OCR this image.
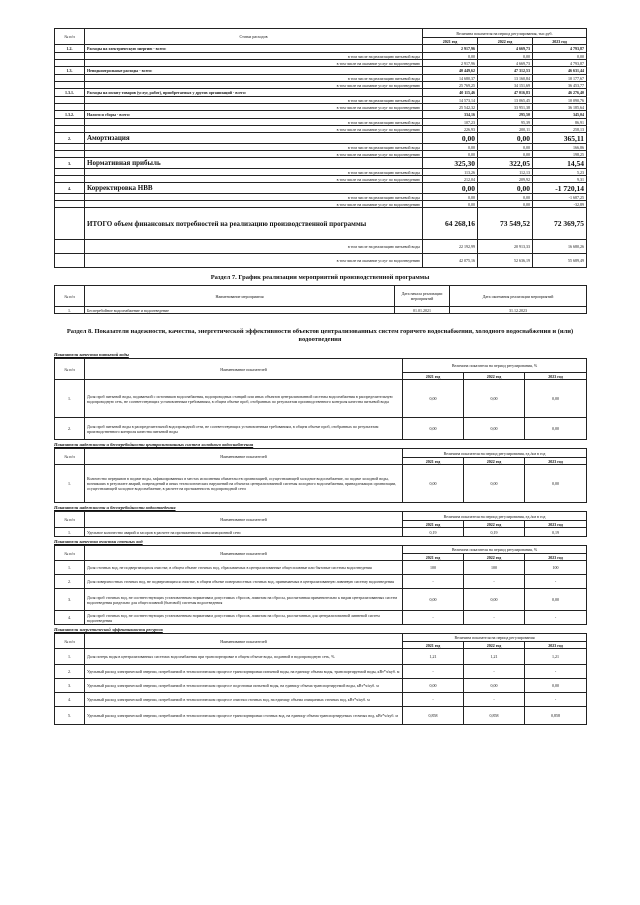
№ п/п	Статьи расходов	Величина показателя на период регулирования, тыс.руб.		
		2021 год	2022 год	2023 год
1.2.	Расходы на электрическую энергию - всего:	2 917,96	4 669,73	4 793,87
	в том числе на реализацию питьевой воды	0,00	0,00	0,00
	в том числе на оказание услуг по водоотведению	2 917,96	4 669,73	4 793,87
1.3.	Неподконтрольные расходы - всего:	40 449,62	47 312,53	46 631,44
	в том числе на реализацию питьевой воды	14 680,37	13 160,84	10 177,67
	в том числе на оказание услуг по водоотведению	25 769,25	34 151,69	36 453,77
1.3.1.	Расходы на оплату товаров (услуг, работ), приобретаемых у других организаций - всего:	40 115,46	47 016,83	46 276,40
	в том числе на реализацию питьевой воды	14 573,14	13 065,45	10 090,76
	в том числе на оказание услуг по водоотведению	25 542,32	33 951,38	36 185,64
1.3.2.	Налоги и сборы - всего:	334,16	295,50	345,04
	в том числе на реализацию питьевой воды	107,23	95,39	86,91
	в том числе на оказание услуг по водоотведению	226,93	200,11	258,13
2.	Амортизация	0,00	0,00	365,11
	в том числе на реализацию питьевой воды	0,00	0,00	166,86
	в том числе на оказание услуг по водоотведению	0,00	0,00	198,25
3.	Нормативная прибыль	325,30	322,05	14,54
	в том числе на реализацию питьевой воды	113,26	112,13	5,23
	в том числе на оказание услуг по водоотведению	212,04	209,92	9,31
4.	Корректировка НВВ	0,00	0,00	-1 720,14
	в том числе на реализацию питьевой воды	0,00	0,00	-1 687,25
	в том числе на оказание услуг по водоотведению	0,00	0,00	-32,89
	ИТОГО объем финансовых потребностей на реализацию производственной программы	64 268,16	73 549,52	72 369,75
	в том числе на реализацию питьевой воды	22 192,99	20 913,33	16 680,26
	в том числе на оказание услуг по водоотведению	42 075,16	52 636,19	55 689,49
Раздел 7. График реализации мероприятий производственной программы
№ п/п	Наименование мероприятия	Дата начала реализации мероприятий	Дата окончания реализации мероприятий
1.	Бесперебойное водоснабжение и водоотведение	01.01.2021	31.12.2023
Раздел 8. Показатели надежности, качества, энергетической эффективности объектов централизованных систем горячего водоснабжения, холодного водоснабжения и (или) водоотведения
Показатели качества питьевой воды
№ п/п	Наименование показателей	Величина показателя на период регулирования, %		
		2021 год	2022 год	2023 год
1.	Доля проб питьевой воды, подаваемой с источников водоснабжения, водопроводных станций или иных объектов централизованной системы водоснабжения в распределительную водопроводную сеть, не соответствующих установленным требованиям, в общем объеме проб, отобранных по результатам производственного контроля качества питьевой воды	0,00	0,00	0,00
2.	Доля проб питьевой воды в распределительной водопроводной сети, не соответствующих установленным требованиям, в общем объеме проб, отобранных по результатам производственного контроля качества питьевой воды	0,00	0,00	0,00
Показатели надежности и бесперебойности централизованных систем холодного водоснабжения
№ п/п	Наименование показателей	Величина показателя на период регулирования, ед./км в год		
		2021 год	2022 год	2023 год
1.	Количество перерывов в подаче воды, зафиксированных в местах исполнения обязательств организацией, осуществляющей холодное водоснабжение, по подаче холодной воды, возникших в результате аварий, повреждений и иных технологических нарушений на объектах централизованной системы холодного водоснабжения, принадлежащих организации, осуществляющей холодное водоснабжение, в расчете на протяженность водопроводной сети	0,00	0,00	0,00
Показатели надежности и бесперебойности водоотведения
№ п/п	Наименование показателей	Величина показателя на период регулирования, ед./км в год		
		2021 год	2022 год	2023 год
1.	Удельное количество аварий и засоров в расчете на протяженность канализационной сети	0,19	0,19	0,19
Показатели качества очистки сточных вод
№ п/п	Наименование показателей	Величина показателя на период регулирования, %		
		2021 год	2022 год	2023 год
1.	Доля сточных вод, не подвергающихся очистке, в общем объеме сточных вод, сбрасываемых в централизованные общесплавные или бытовые системы водоотведения	100	100	100
2.	Доля поверхностных сточных вод, не подвергающихся очистке, в общем объеме поверхностных сточных вод, принимаемых в централизованную ливневую систему водоотведения	-	-	-
3.	Доля проб сточных вод, не соответствующих установленным нормативам допустимых сбросов, лимитам на сбросы, рассчитанная применительно к видам централизованных систем водоотведения раздельно для общесплавной (бытовой) системы водоотведения	0,00	0,00	0,00
4.	Доля проб сточных вод, не соответствующих установленным нормативам допустимых сбросов, лимитам на сбросы, рассчитанных для централизованной ливневой систем водоотведения	-	-	-
Показатели энергетической эффективности ресурсов
№ п/п	Наименование показателей	Величина показателя на период регулирования		
		2021 год	2022 год	2023 год
1.	Доля потерь воды в централизованных системах водоснабжения при транспортировке в общем объеме воды, поданной в водопроводную сеть, %	1,21	1,21	1,21
2.	Удельный расход электрической энергии, потребляемой в технологическом процессе транспортировки питьевой воды, на единицу объема воды, транспортируемой воды, кВт*ч/куб. м	-	-	-
3.	Удельный расход электрической энергии, потребляемой в технологическом процессе подготовки питьевой воды, на единицу объема транспортируемой воды, кВт*ч/куб. м	0,00	0,00	0,00
4.	Удельный расход электрической энергии, потребляемой в технологическом процессе очистки сточных вод, на единицу объема очищаемых сточных вод, кВт*ч/куб. м	-	-	-
5.	Удельный расход электрической энергии, потребляемой в технологическом процессе транспортировки сточных вод, на единицу объема транспортируемых сточных вод, кВт*ч/куб. м	0,858	0,858	0,858
